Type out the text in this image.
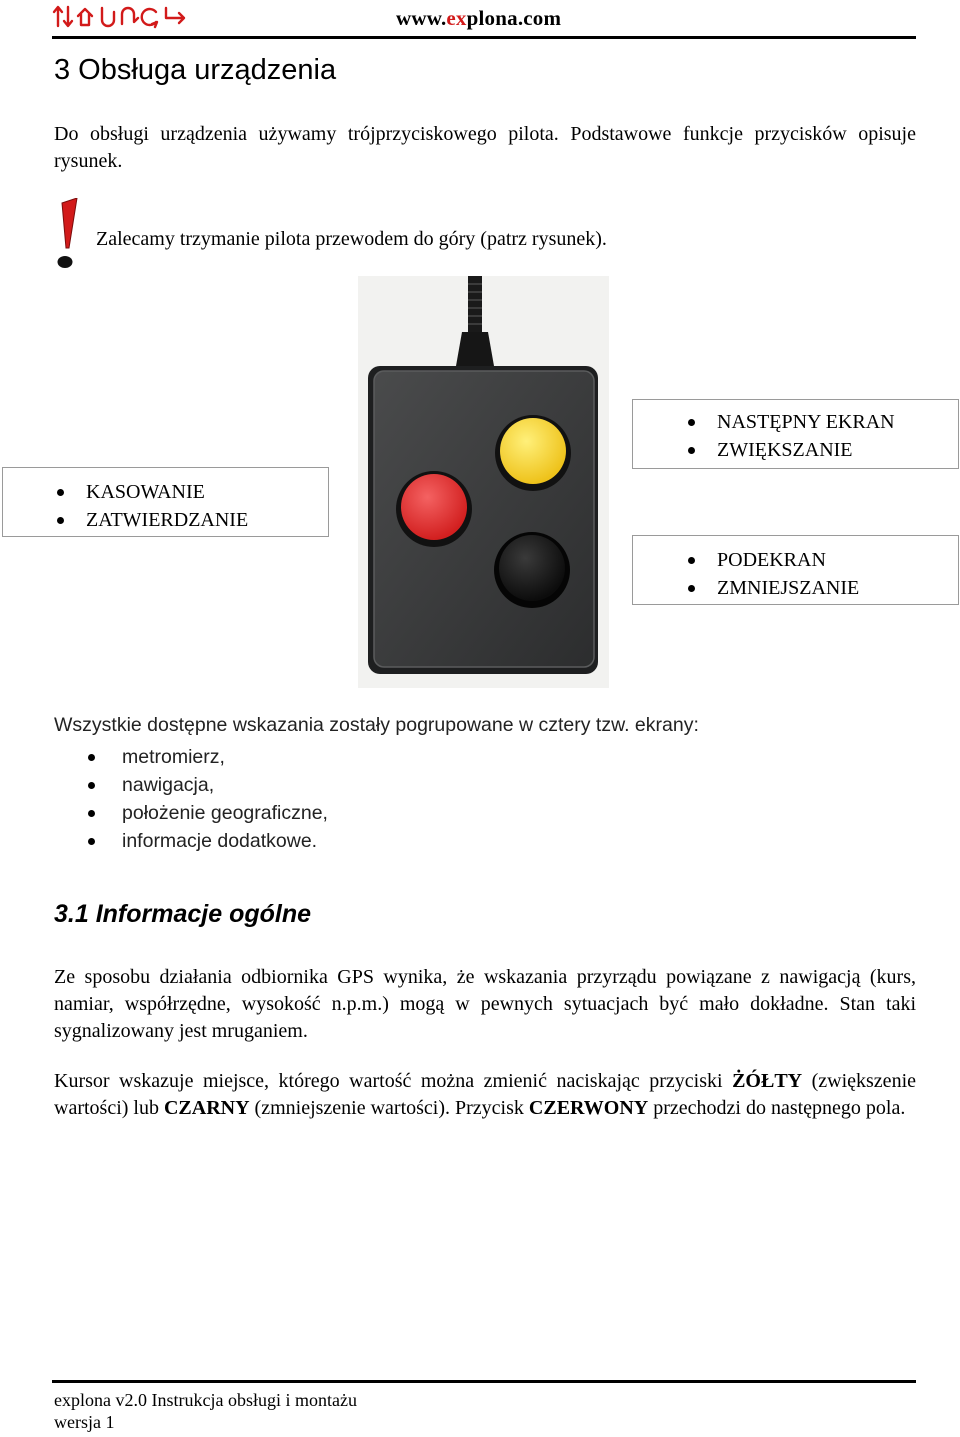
www.explona.com
3 Obsługa urządzenia
Do obsługi urządzenia używamy trójprzyciskowego pilota. Podstawowe funkcje przycisków opisuje rysunek.
Zalecamy trzymanie pilota przewodem do góry (patrz rysunek).
KASOWANIE
ZATWIERDZANIE
NASTĘPNY EKRAN
ZWIĘKSZANIE
PODEKRAN
ZMNIEJSZANIE
Wszystkie dostępne wskazania zostały pogrupowane w cztery tzw. ekrany:
metromierz,
nawigacja,
położenie geograficzne,
informacje dodatkowe.
3.1 Informacje ogólne
Ze sposobu działania odbiornika GPS wynika, że wskazania przyrządu powiązane z nawigacją (kurs, namiar, współrzędne, wysokość n.p.m.) mogą w pewnych sytuacjach być mało dokładne. Stan taki sygnalizowany jest mruganiem.
Kursor wskazuje miejsce, którego wartość można zmienić naciskając przyciski ŻÓŁTY (zwiększenie wartości) lub CZARNY (zmniejszenie wartości). Przycisk CZERWONY przechodzi do następnego pola.
explona v2.0 Instrukcja obsługi i montażu
wersja 1
